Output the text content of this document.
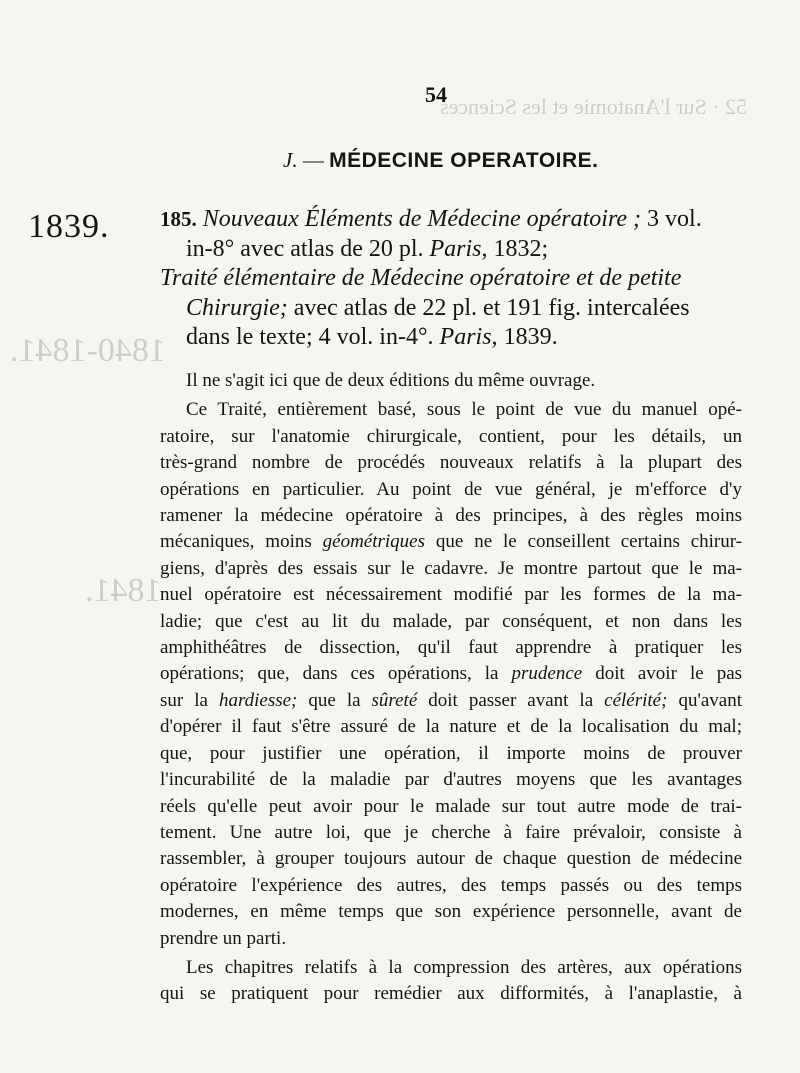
52 · Sur l'Anatomie et les Sciences
1840-1841.
1841.
54
J. — MÉDECINE OPERATOIRE.
1839. 185. Nouveaux Éléments de Médecine opératoire ; 3 vol.
in-8° avec atlas de 20 pl. Paris, 1832;
Traité élémentaire de Médecine opératoire et de petite
Chirurgie; avec atlas de 22 pl. et 191 fig. intercalées
dans le texte; 4 vol. in-4°. Paris, 1839.

Il ne s'agit ici que de deux éditions du même ouvrage.

Ce Traité, entièrement basé, sous le point de vue du manuel opé-
ratoire, sur l'anatomie chirurgicale, contient, pour les détails, un
très-grand nombre de procédés nouveaux relatifs à la plupart des
opérations en particulier. Au point de vue général, je m'efforce d'y
ramener la médecine opératoire à des principes, à des règles moins
mécaniques, moins géométriques que ne le conseillent certains chirur-
giens, d'après des essais sur le cadavre. Je montre partout que le ma-
nuel opératoire est nécessairement modifié par les formes de la ma-
ladie; que c'est au lit du malade, par conséquent, et non dans les
amphithéâtres de dissection, qu'il faut apprendre à pratiquer les
opérations; que, dans ces opérations, la prudence doit avoir le pas
sur la hardiesse; que la sûreté doit passer avant la célérité; qu'avant
d'opérer il faut s'être assuré de la nature et de la localisation du mal;
que, pour justifier une opération, il importe moins de prouver
l'incurabilité de la maladie par d'autres moyens que les avantages
réels qu'elle peut avoir pour le malade sur tout autre mode de trai-
tement. Une autre loi, que je cherche à faire prévaloir, consiste à
rassembler, à grouper toujours autour de chaque question de médecine
opératoire l'expérience des autres, des temps passés ou des temps
modernes, en même temps que son expérience personnelle, avant de
prendre un parti.
Les chapitres relatifs à la compression des artères, aux opérations
qui se pratiquent pour remédier aux difformités, à l'anaplastie, à
